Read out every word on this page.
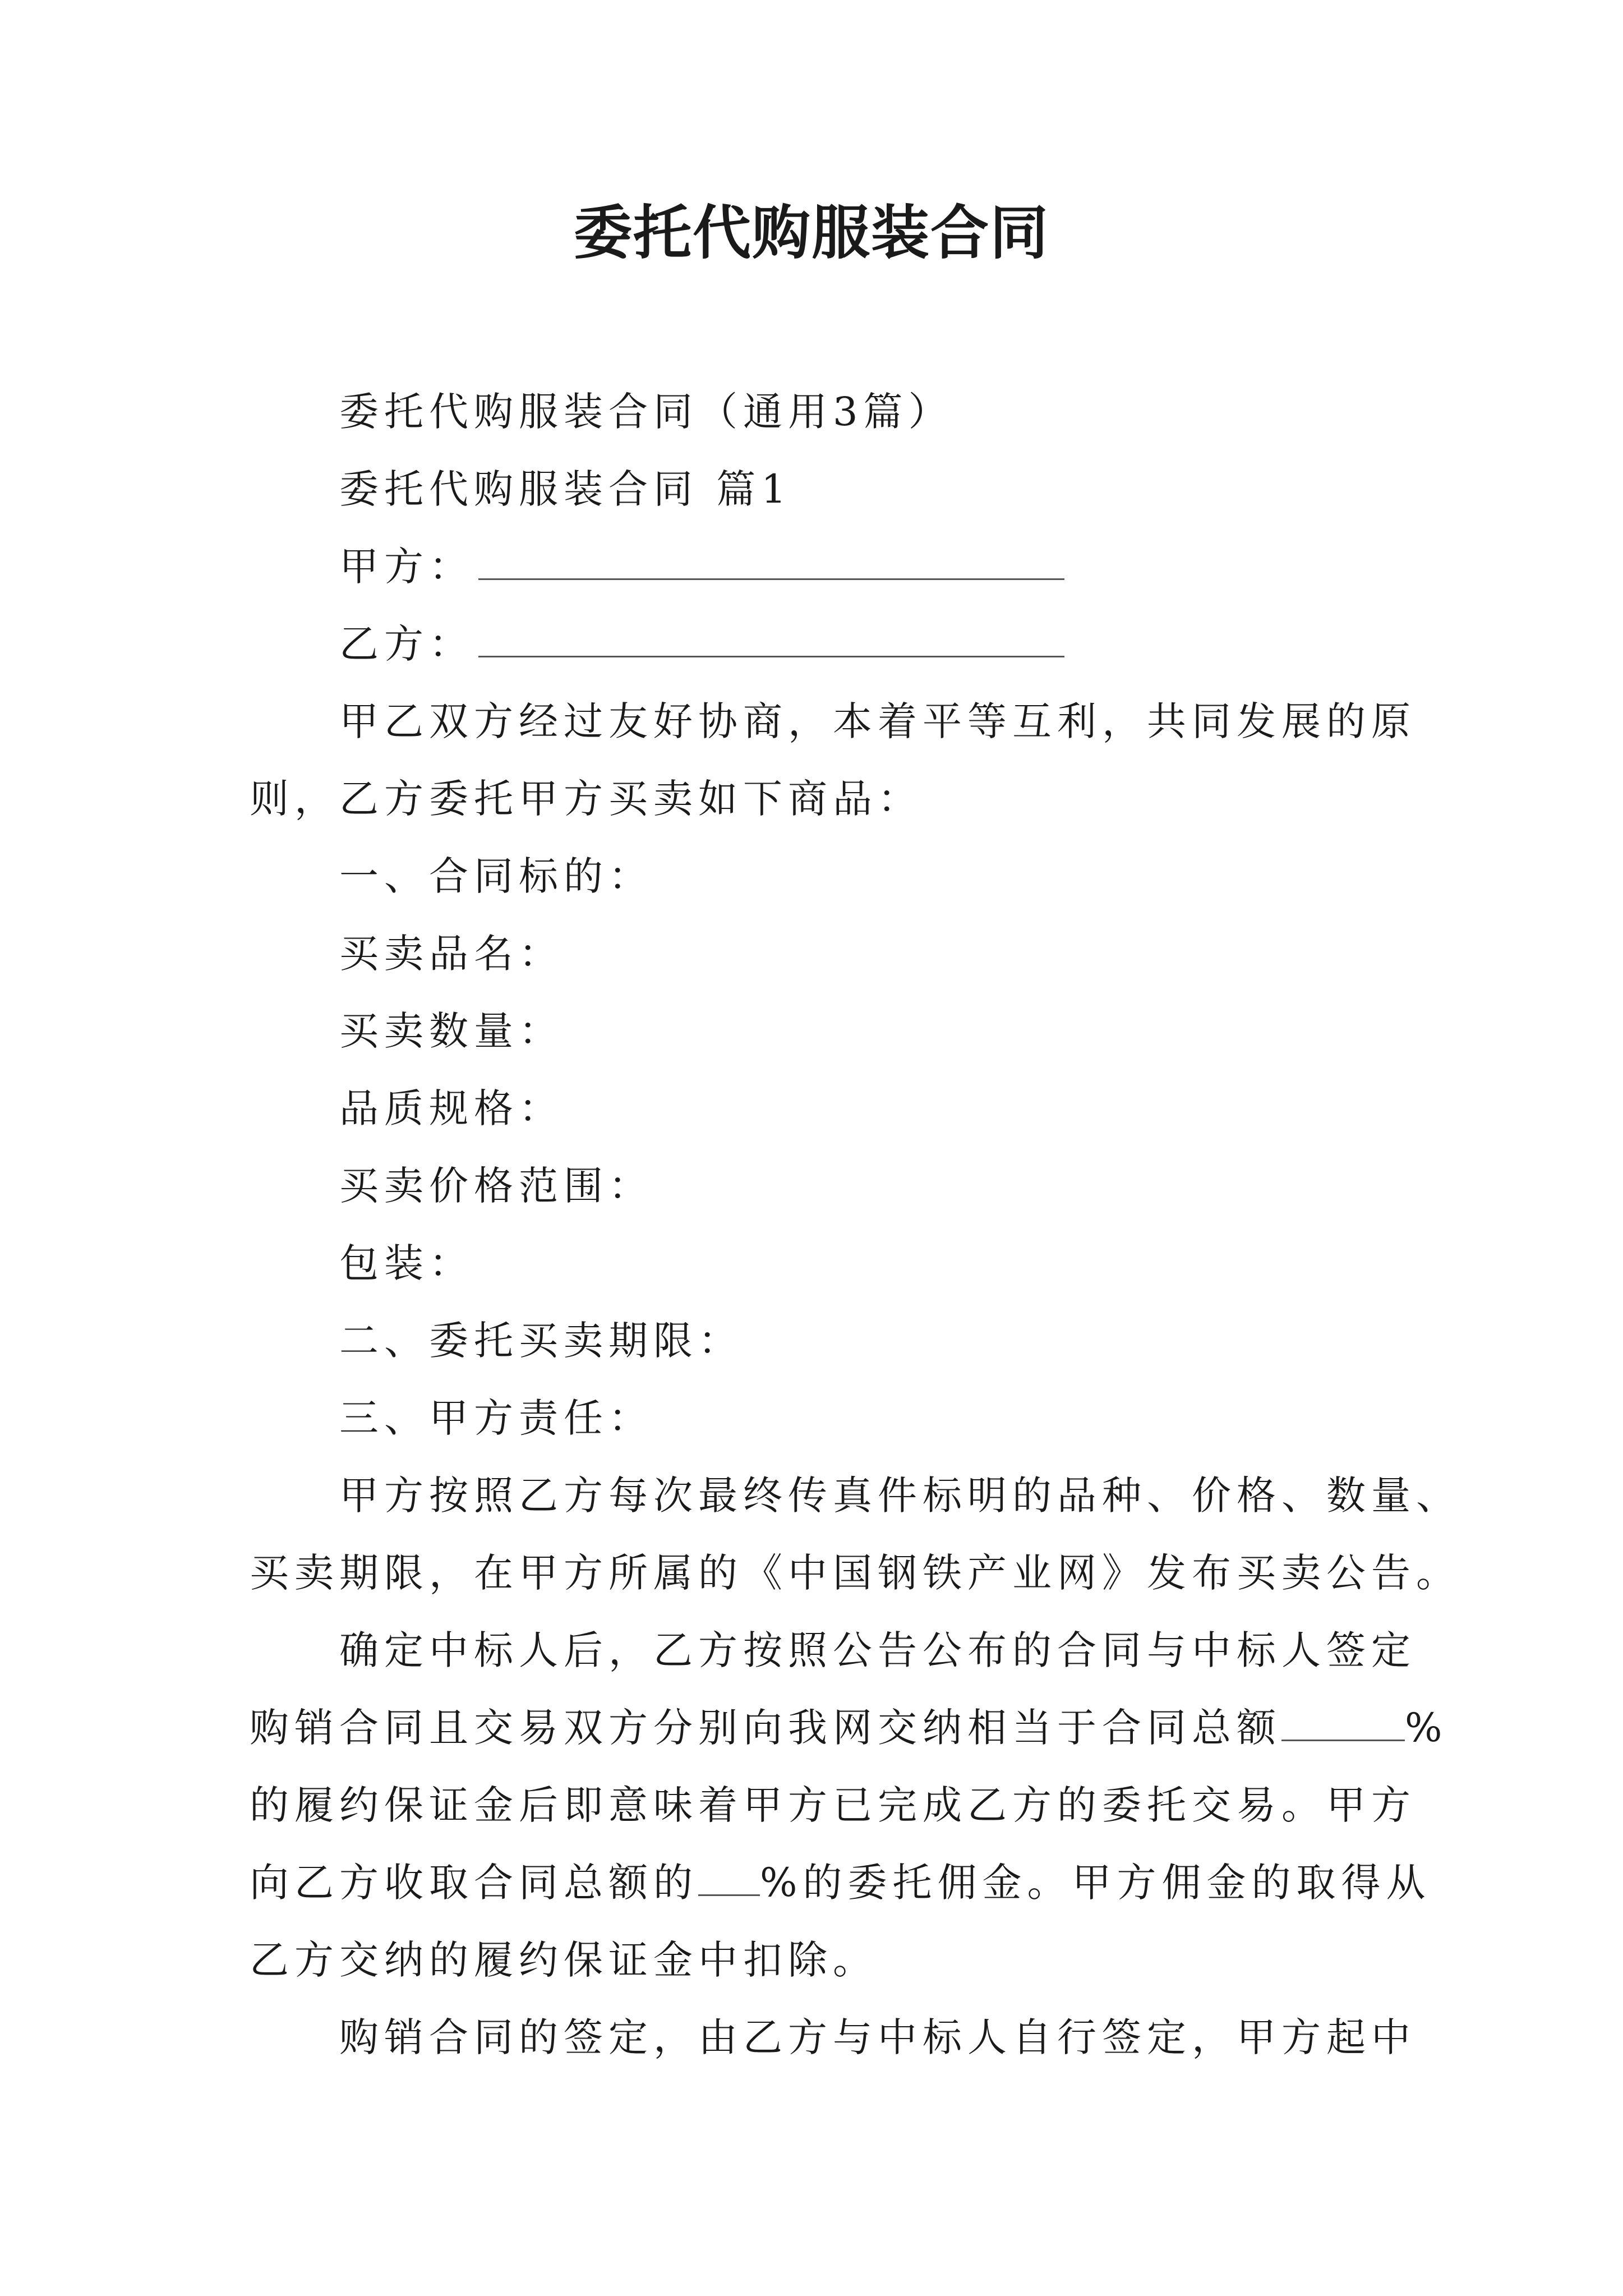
委托代购服装合同
委托代购服装合同（通用3篇）
委托代购服装合同 篇1
甲方：
乙方：
甲乙双方经过友好协商，本着平等互利，共同发展的原
则，乙方委托甲方买卖如下商品：
一、合同标的：
买卖品名：
买卖数量：
品质规格：
买卖价格范围：
包装：
二、委托买卖期限：
三、甲方责任：
甲方按照乙方每次最终传真件标明的品种、价格、数量、
买卖期限，在甲方所属的《中国钢铁产业网》发布买卖公告。
确定中标人后，乙方按照公告公布的合同与中标人签定
购销合同且交易双方分别向我网交纳相当于合同总额	%
的履约保证金后即意味着甲方已完成乙方的委托交易。甲方
向乙方收取合同总额的 %的委托佣金。甲方佣金的取得从
乙方交纳的履约保证金中扣除。
购销合同的签定，由乙方与中标人自行签定，甲方起中
